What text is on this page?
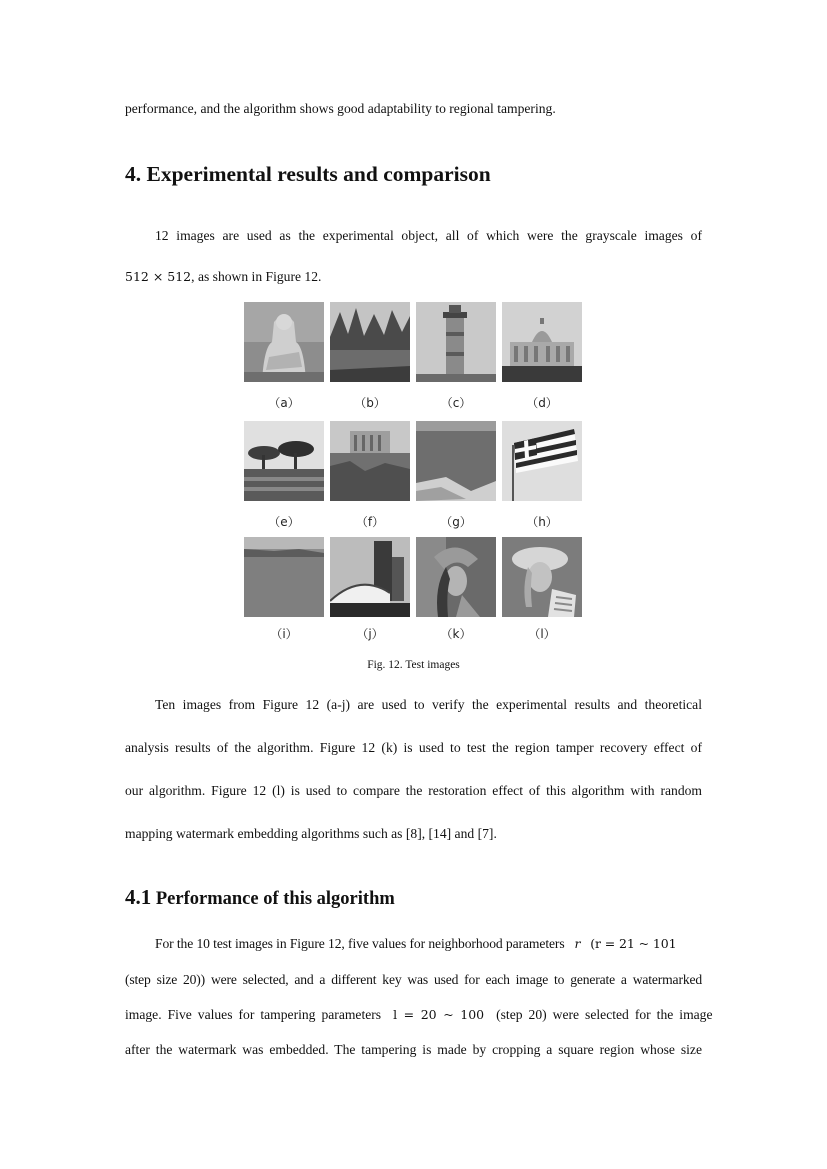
performance, and the algorithm shows good adaptability to regional tampering.
4. Experimental results and comparison
12 images are used as the experimental object, all of which were the grayscale images of
512 × 512, as shown in Figure 12.
（a）	（b）	（c）	（d）
（e）	（f）	（g）	（h）
（i）	（j）	（k）	（l）
Fig. 12. Test images
Ten images from Figure 12 (a-j) are used to verify the experimental results and theoretical
analysis results of the algorithm. Figure 12 (k) is used to test the region tamper recovery effect of
our algorithm. Figure 12 (l) is used to compare the restoration effect of this algorithm with random
mapping watermark embedding algorithms such as [8], [14] and [7].
4.1 Performance of this algorithm
For the 10 test images in Figure 12, five values for neighborhood parameters r (r = 21 ~ 101
(step size 20)) were selected, and a different key was used for each image to generate a watermarked
image. Five values for tampering parameters l = 20 ~ 100 (step 20) were selected for the image
after the watermark was embedded. The tampering is made by cropping a square region whose size
